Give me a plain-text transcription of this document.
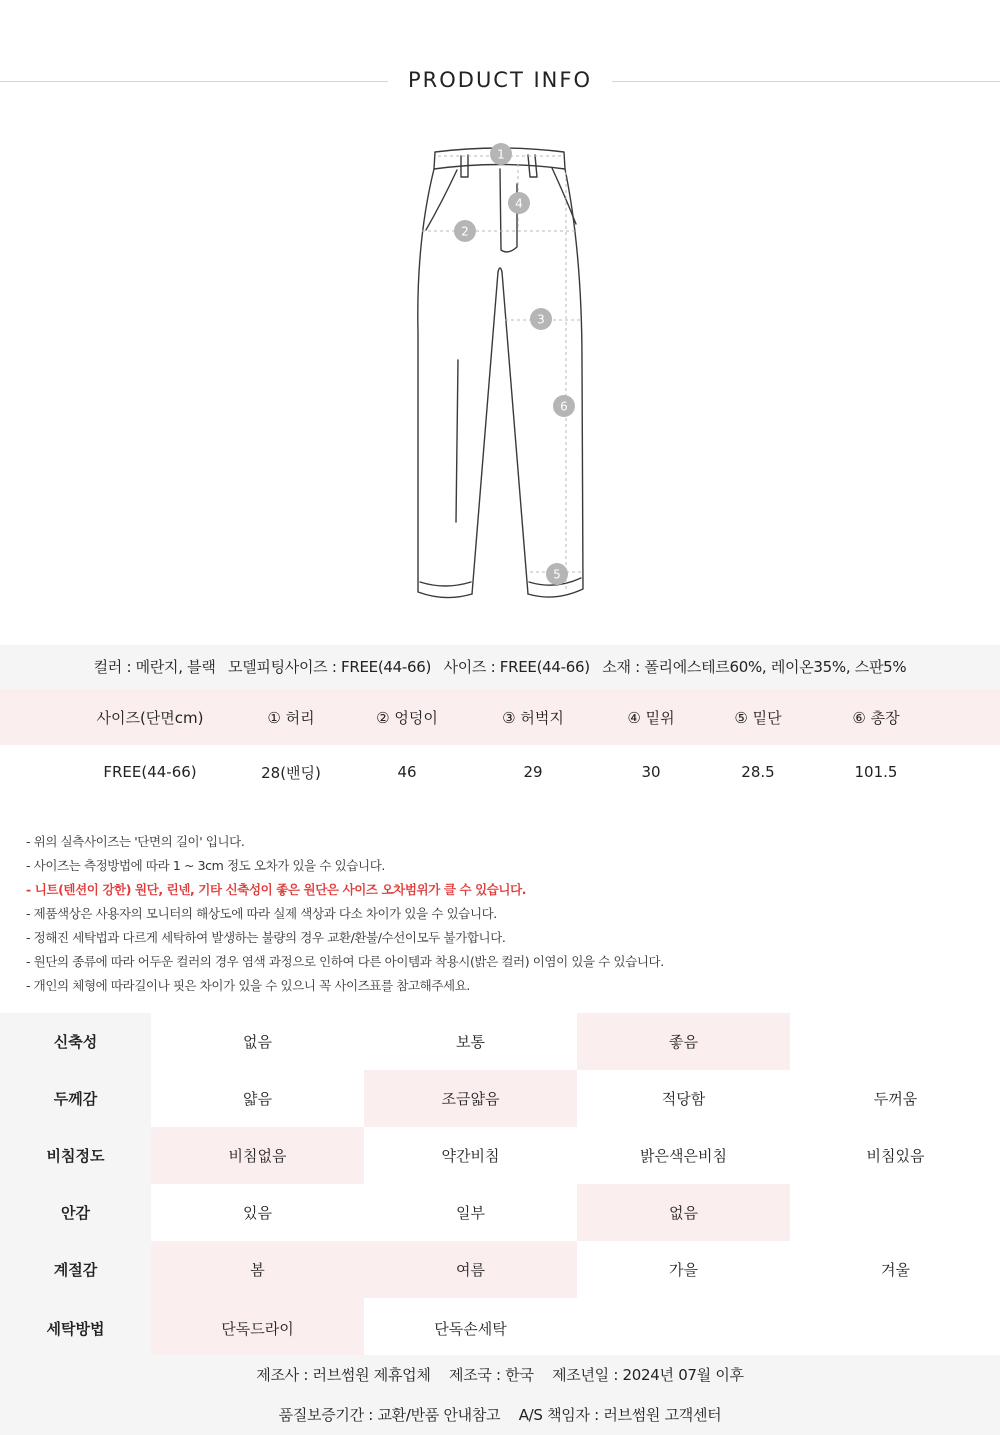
PRODUCT INFO
1
2
3
4
5
6
컬러 : 메란지, 블랙 모델피팅사이즈 : FREE(44-66) 사이즈 : FREE(44-66) 소재 : 폴리에스테르60%, 레이온35%, 스판5%
사이즈(단면cm)	① 허리	② 엉덩이	③ 허벅지	④ 밑위	⑤ 밑단	⑥ 총장
FREE(44-66)	28(밴딩)	46	29	30	28.5	101.5
- 위의 실측사이즈는 '단면의 길이' 입니다.
- 사이즈는 측정방법에 따라 1 ~ 3cm 정도 오차가 있을 수 있습니다.
- 니트(텐션이 강한) 원단, 린넨, 기타 신축성이 좋은 원단은 사이즈 오차범위가 클 수 있습니다.
- 제품색상은 사용자의 모니터의 해상도에 따라 실제 색상과 다소 차이가 있을 수 있습니다.
- 정해진 세탁법과 다르게 세탁하여 발생하는 불량의 경우 교환/환불/수선이모두 불가합니다.
- 원단의 종류에 따라 어두운 컬러의 경우 염색 과정으로 인하여 다른 아이템과 착용시(밝은 컬러) 이염이 있을 수 있습니다.
- 개인의 체형에 따라길이나 핏은 차이가 있을 수 있으니 꼭 사이즈표를 참고해주세요.
신축성	없음	보통	좋음
두께감	얇음	조금얇음	적당함	두꺼움
비침정도	비침없음	약간비침	밝은색은비침	비침있음
안감	있음	일부	없음
계절감	봄	여름	가을	겨울
세탁방법	단독드라이	단독손세탁
제조사 : 러브썸원 제휴업체 제조국 : 한국 제조년일 : 2024년 07월 이후
품질보증기간 : 교환/반품 안내참고 A/S 책임자 : 러브썸원 고객센터
